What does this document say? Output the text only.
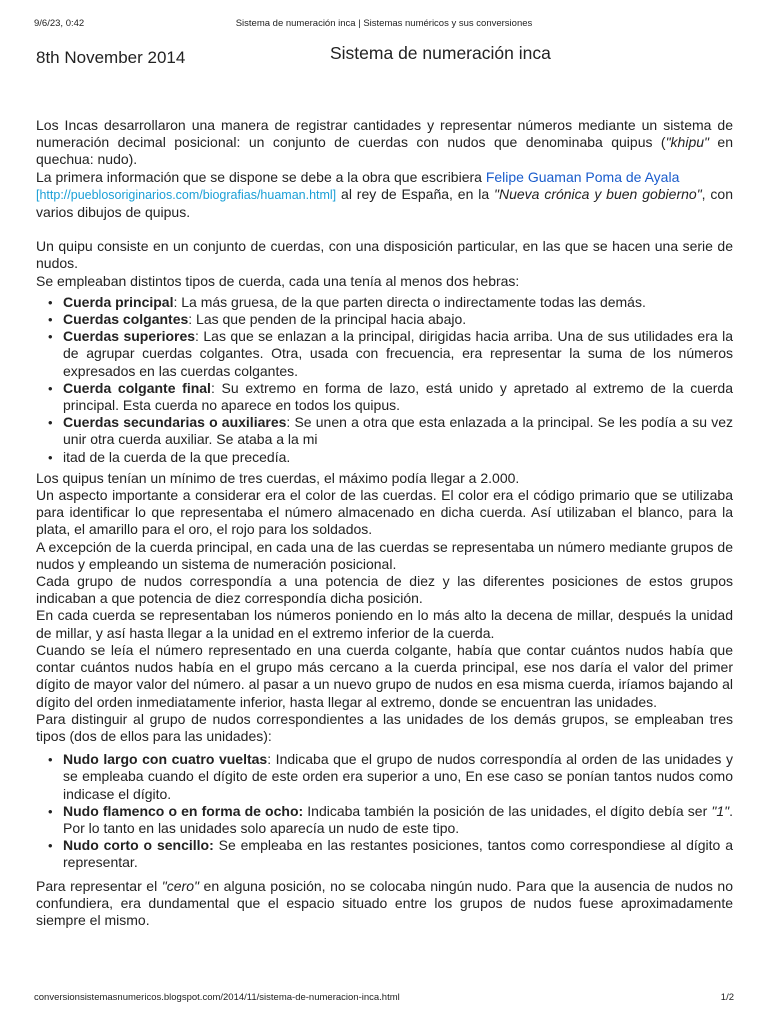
9/6/23, 0:42	Sistema de numeración inca | Sistemas numéricos y sus conversiones
8th November 2014	Sistema de numeración inca

Los Incas desarrollaron una manera de registrar cantidades y representar números mediante un sistema de numeración decimal posicional: un conjunto de cuerdas con nudos que denominaba quipus ("khipu" en quechua: nudo).

La primera información que se dispone se debe a la obra que escribiera Felipe Guaman Poma de Ayala
[http://pueblosoriginarios.com/biografias/huaman.html] al rey de España, en la "Nueva crónica y buen gobierno", con varios dibujos de quipus.

Un quipu consiste en un conjunto de cuerdas, con una disposición particular, en las que se hacen una serie de nudos.

Se empleaban distintos tipos de cuerda, cada una tenía al menos dos hebras:

• Cuerda principal: La más gruesa, de la que parten directa o indirectamente todas las demás.
• Cuerdas colgantes: Las que penden de la principal hacia abajo.
• Cuerdas superiores: Las que se enlazan a la principal, dirigidas hacia arriba. Una de sus utilidades era la de agrupar cuerdas colgantes. Otra, usada con frecuencia, era representar la suma de los números expresados en las cuerdas colgantes.
• Cuerda colgante final: Su extremo en forma de lazo, está unido y apretado al extremo de la cuerda principal. Esta cuerda no aparece en todos los quipus.
• Cuerdas secundarias o auxiliares: Se unen a otra que esta enlazada a la principal. Se les podía a su vez unir otra cuerda auxiliar. Se ataba a la mi
• itad de la cuerda de la que precedía.

Los quipus tenían un mínimo de tres cuerdas, el máximo podía llegar a 2.000.

Un aspecto importante a considerar era el color de las cuerdas. El color era el código primario que se utilizaba para identificar lo que representaba el número almacenado en dicha cuerda. Así utilizaban el blanco, para la plata, el amarillo para el oro, el rojo para los soldados.

A excepción de la cuerda principal, en cada una de las cuerdas se representaba un número mediante grupos de nudos y empleando un sistema de numeración posicional.

Cada grupo de nudos correspondía a una potencia de diez y las diferentes posiciones de estos grupos indicaban a que potencia de diez correspondía dicha posición.

En cada cuerda se representaban los números poniendo en lo más alto la decena de millar, después la unidad de millar, y así hasta llegar a la unidad en el extremo inferior de la cuerda.

Cuando se leía el número representado en una cuerda colgante, había que contar cuántos nudos había que contar cuántos nudos había en el grupo más cercano a la cuerda principal, ese nos daría el valor del primer dígito de mayor valor del número. al pasar a un nuevo grupo de nudos en esa misma cuerda, iríamos bajando al dígito del orden inmediatamente inferior, hasta llegar al extremo, donde se encuentran las unidades.

Para distinguir al grupo de nudos correspondientes a las unidades de los demás grupos, se empleaban tres tipos (dos de ellos para las unidades):

• Nudo largo con cuatro vueltas: Indicaba que el grupo de nudos correspondía al orden de las unidades y se empleaba cuando el dígito de este orden era superior a uno, En ese caso se ponían tantos nudos como indicase el dígito.
• Nudo flamenco o en forma de ocho: Indicaba también la posición de las unidades, el dígito debía ser "1". Por lo tanto en las unidades solo aparecía un nudo de este tipo.
• Nudo corto o sencillo: Se empleaba en las restantes posiciones, tantos como correspondiese al dígito a representar.

Para representar el "cero" en alguna posición, no se colocaba ningún nudo. Para que la ausencia de nudos no confundiera, era dundamental que el espacio situado entre los grupos de nudos fuese aproximadamente siempre el mismo.

conversionsistemasnumericos.blogspot.com/2014/11/sistema-de-numeracion-inca.html	1/2
